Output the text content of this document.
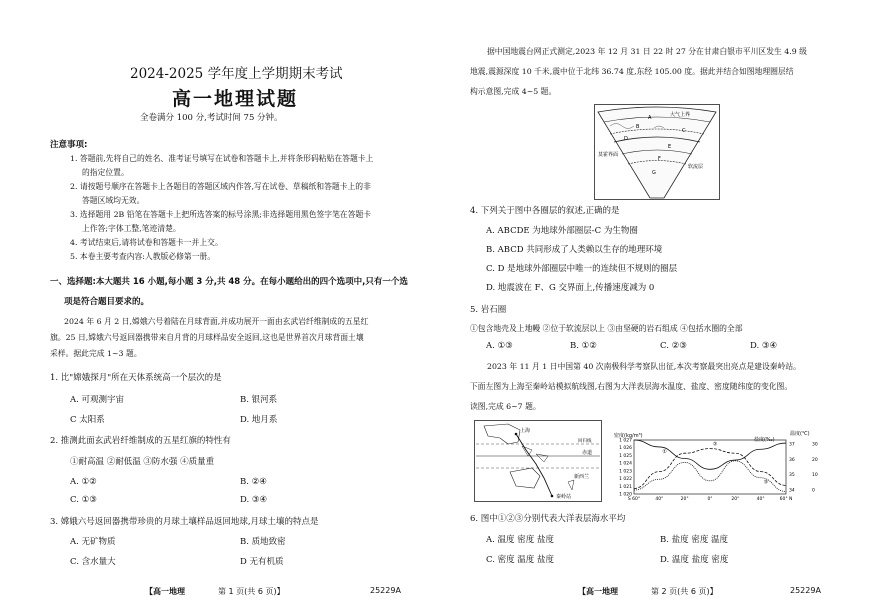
2024-2025 学年度上学期期末考试
高一地理试题
全卷满分 100 分,考试时间 75 分钟。
注意事项:
1. 答题前,先将自己的姓名、准考证号填写在试卷和答题卡上,并将条形码粘贴在答题卡上
的指定位置。
2. 请按题号顺序在答题卡上各题目的答题区域内作答,写在试卷、草稿纸和答题卡上的非
答题区域均无效。
3. 选择题用 2B 铅笔在答题卡上把所选答案的标号涂黑;非选择题用黑色签字笔在答题卡
上作答;字体工整,笔迹清楚。
4. 考试结束后,请将试卷和答题卡一并上交。
5. 本卷主要考查内容:人教版必修第一册。
一、选择题:本大题共 16 小题,每小题 3 分,共 48 分。在每小题给出的四个选项中,只有一个选
项是符合题目要求的。
2024 年 6 月 2 日,嫦娥六号着陆在月球背面,并成功展开一面由玄武岩纤维制成的五星红
旗。25 日,嫦娥六号返回器携带来自月背的月球样品安全返回,这也是世界首次月球背面土壤
采样。据此完成 1~3 题。
1. 比"嫦娥探月"所在天体系统高一个层次的是
A. 可观测宇宙	B. 银河系
C 太阳系	D. 地月系
2. 推测此面玄武岩纤维制成的五星红旗的特性有
①耐高温 ②耐低温 ③防水强 ④质量重
A. ①②	B. ②④
C. ①③	D. ③④
3. 嫦娥六号返回器携带珍贵的月球土壤样品返回地球,月球土壤的特点是
A. 无矿物质	B. 质地致密
C. 含水量大	D 无有机质
【高一地理	第 1 页(共 6 页)】	25229A
据中国地震台网正式测定,2023 年 12 月 31 日 22 时 27 分在甘肃白银市平川区发生 4.9 级
地震,震源深度 10 千米,震中位于北纬 36.74 度,东经 105.00 度。据此并结合如图地理圈层结
构示意图,完成 4~5 题。
大气上界
A
B
C
D
E
F
G
莫霍界面
软流层
4. 下列关于图中各圈层的叙述,正确的是
A. ABCDE 为地球外部圈层-C 为生物圈
B. ABCD 共同形成了人类赖以生存的地理环境
C. D 是地球外部圈层中唯一的连续但不规则的圈层
D. 地震波在 F、G 交界面上,传播速度减为 0
5. 岩石圈
①包含地壳及上地幔 ②位于软流层以上 ③由坚硬的岩石组成 ④包括水圈的全部
A. ①③	B. ①②	C. ②③	D. ③④
2023 年 11 月 1 日中国第 40 次南极科学考察队出征,本次考察最突出亮点是建设秦岭站。
下面左图为上海至秦岭站模拟航线图,右图为大洋表层海水温度、盐度、密度随纬度的变化图。
读图,完成 6~7 题。
上海
赤道
新西兰
秦岭站
回归线
密度(kg/m³)
盐度(‰)
温度(℃)
1 027
1 026
1 025
1 024
1 023
1 022
1 021
1 020
30
20
10
0
37
36
35
34
S 60°	40°	20°	0°	20°	40°	60° N
①
②
③
6. 图中①②③分别代表大洋表层海水平均
A. 温度 密度 盐度	B. 盐度 密度 温度
C. 密度 温度 盐度	D. 温度 盐度 密度
【高一地理	第 2 页(共 6 页)】	25229A
